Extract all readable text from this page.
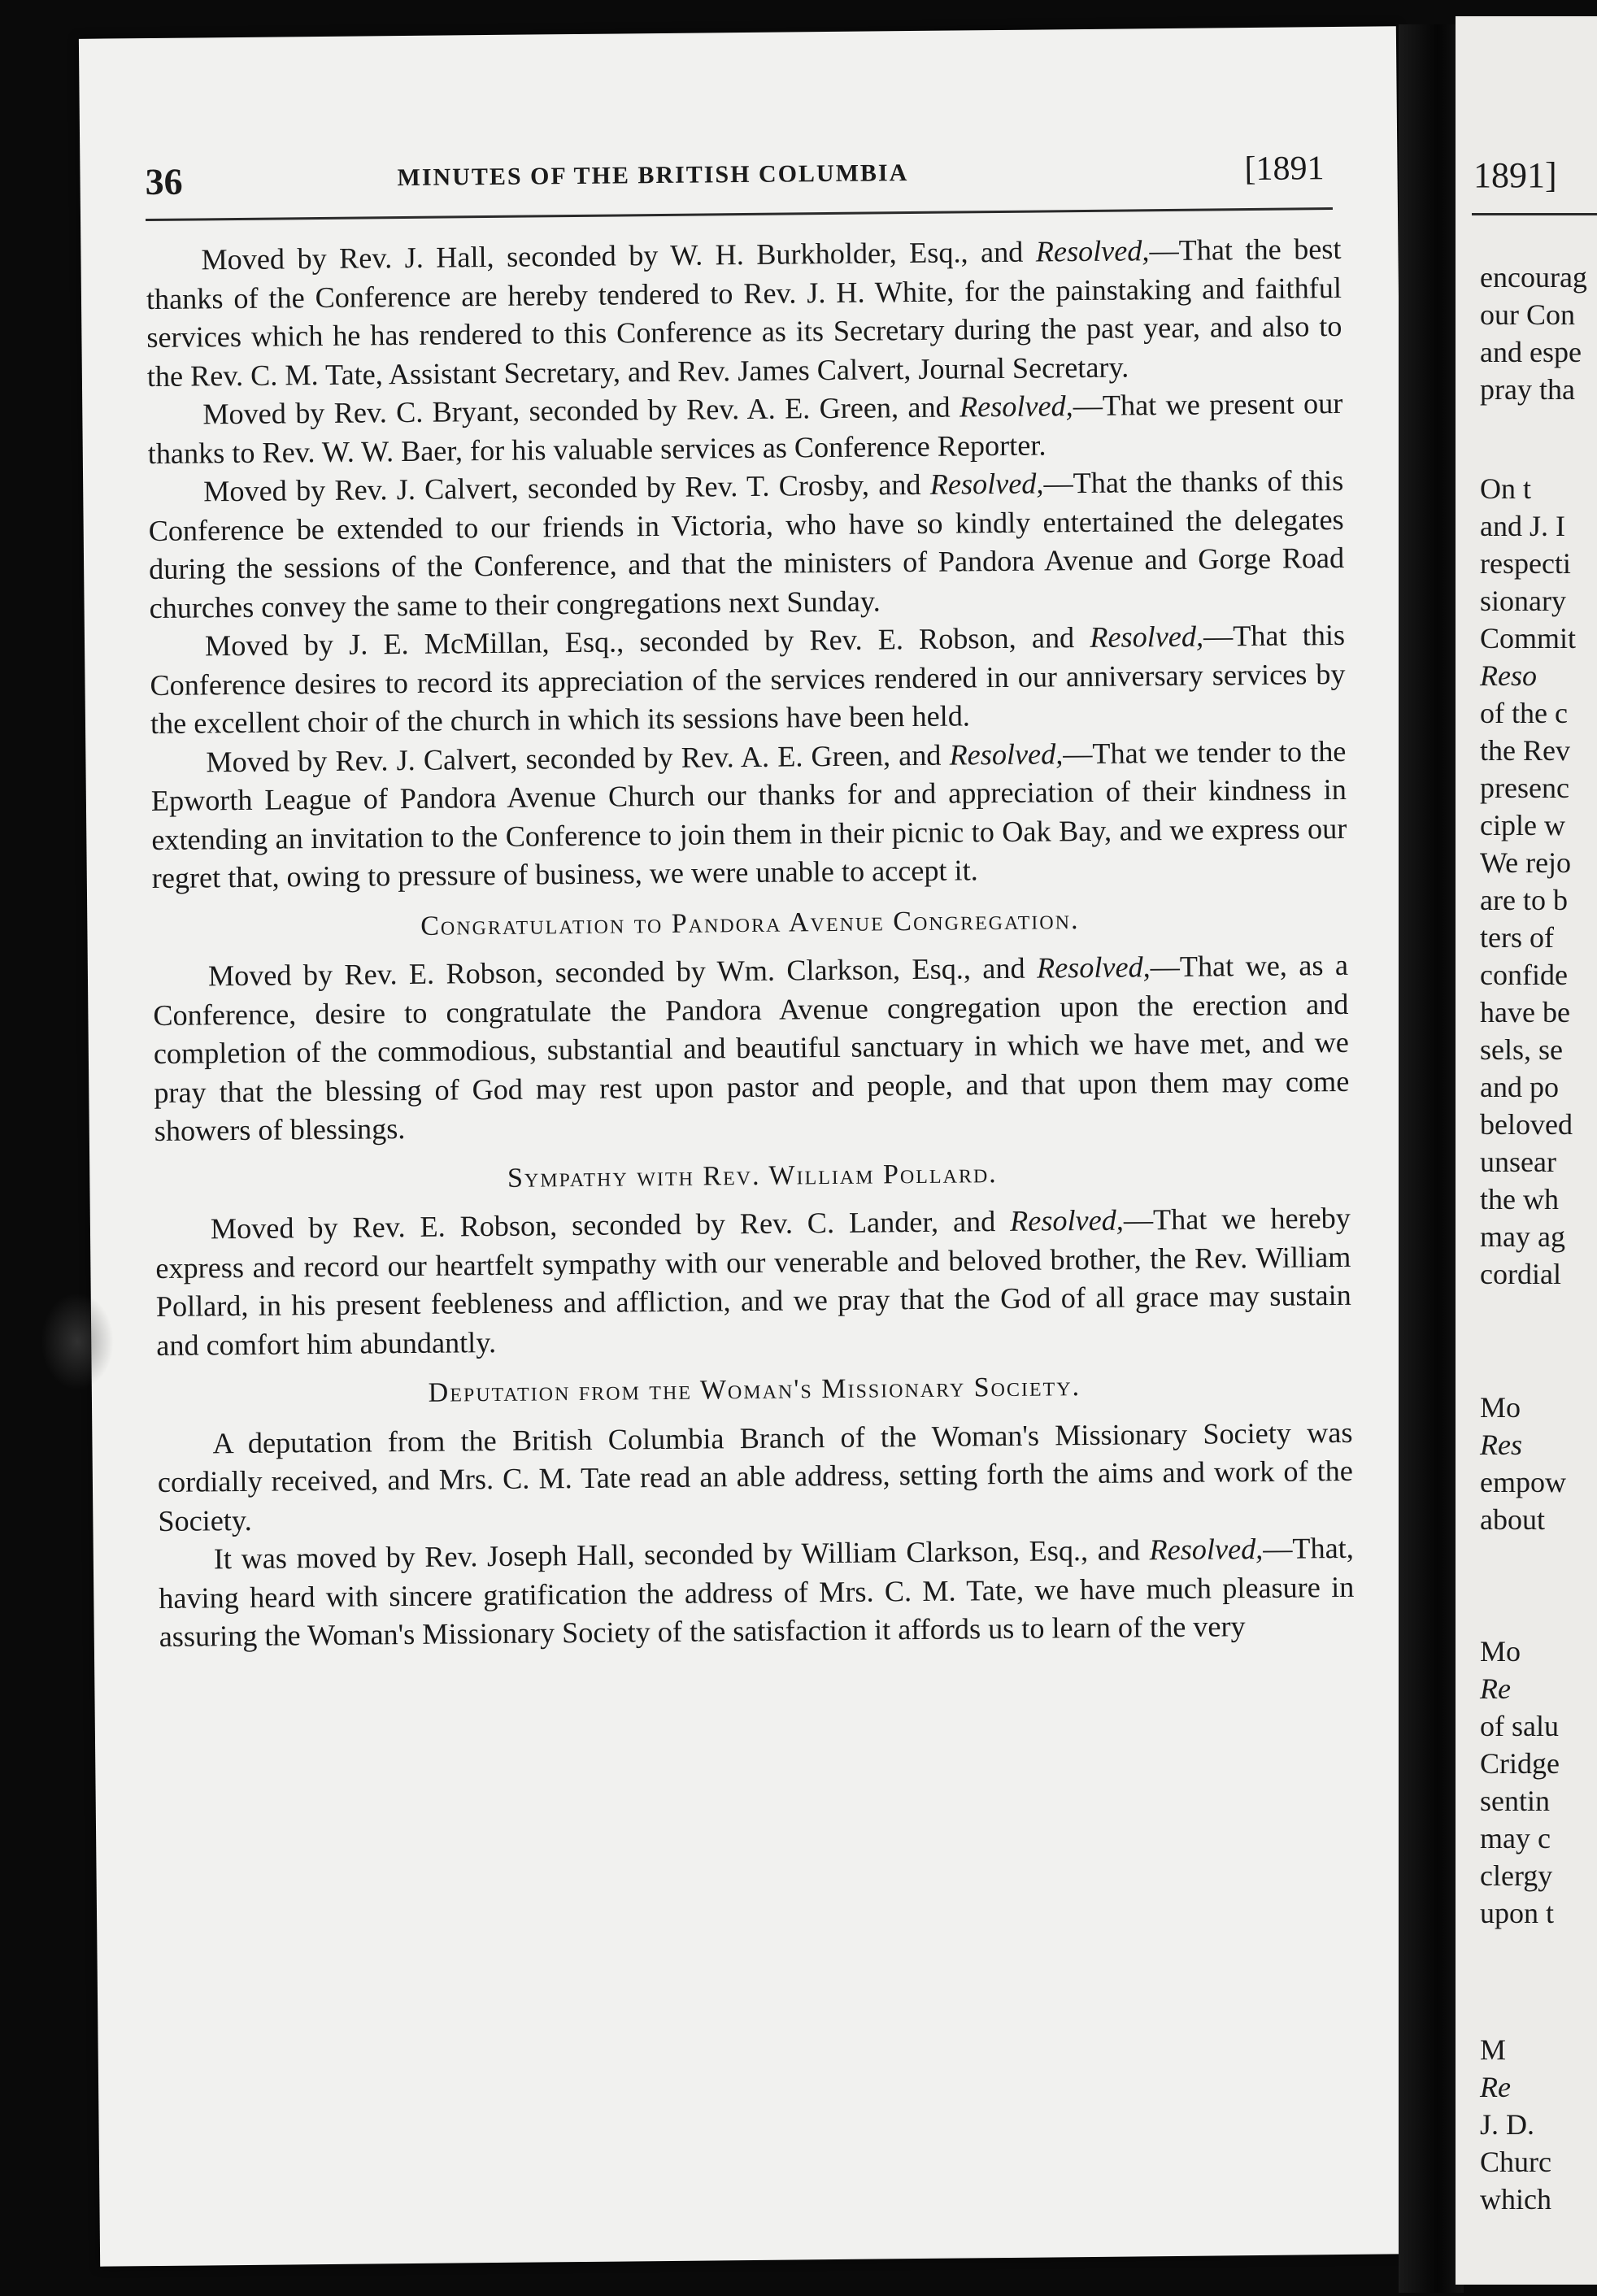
36	MINUTES OF THE BRITISH COLUMBIA	[1891

Moved by Rev. J. Hall, seconded by W. H. Burkholder, Esq., and Resolved,—That the best thanks of the Conference are hereby tendered to Rev. J. H. White, for the painstaking and faithful services which he has rendered to this Conference as its Secretary during the past year, and also to the Rev. C. M. Tate, Assistant Secretary, and Rev. James Calvert, Journal Secretary.

Moved by Rev. C. Bryant, seconded by Rev. A. E. Green, and Resolved,—That we present our thanks to Rev. W. W. Baer, for his valuable services as Conference Reporter.

Moved by Rev. J. Calvert, seconded by Rev. T. Crosby, and Resolved,—That the thanks of this Conference be extended to our friends in Victoria, who have so kindly entertained the delegates during the sessions of the Conference, and that the ministers of Pandora Avenue and Gorge Road churches convey the same to their congregations next Sunday.

Moved by J. E. McMillan, Esq., seconded by Rev. E. Robson, and Resolved,—That this Conference desires to record its appreciation of the services rendered in our anniversary services by the excellent choir of the church in which its sessions have been held.

Moved by Rev. J. Calvert, seconded by Rev. A. E. Green, and Resolved,—That we tender to the Epworth League of Pandora Avenue Church our thanks for and appreciation of their kindness in extending an invitation to the Conference to join them in their picnic to Oak Bay, and we express our regret that, owing to pressure of business, we were unable to accept it.

Congratulation to Pandora Avenue Congregation.

Moved by Rev. E. Robson, seconded by Wm. Clarkson, Esq., and Resolved,—That we, as a Conference, desire to congratulate the Pandora Avenue congregation upon the erection and completion of the commodious, substantial and beautiful sanctuary in which we have met, and we pray that the blessing of God may rest upon pastor and people, and that upon them may come showers of blessings.

Sympathy with Rev. William Pollard.

Moved by Rev. E. Robson, seconded by Rev. C. Lander, and Resolved,—That we hereby express and record our heartfelt sympathy with our venerable and beloved brother, the Rev. William Pollard, in his present feebleness and affliction, and we pray that the God of all grace may sustain and comfort him abundantly.

Deputation from the Woman's Missionary Society.

A deputation from the British Columbia Branch of the Woman's Missionary Society was cordially received, and Mrs. C. M. Tate read an able address, setting forth the aims and work of the Society.

It was moved by Rev. Joseph Hall, seconded by William Clarkson, Esq., and Resolved,—That, having heard with sincere gratification the address of Mrs. C. M. Tate, we have much pleasure in assuring the Woman's Missionary Society of the satisfaction it affords us to learn of the very

1891]
encourag
our Con
and espe
pray tha
On t
and J. I
respecti
sionary
Commit
Reso
of the c
the Rev
presenc
ciple w
We rejo
are to b
ters of
confide
have be
sels, se
and po
beloved
unsear
the wh
may ag
cordial
Mo
Res
empow
about
Mo
Re
of salu
Cridge
sentin
may c
clergy
upon t
M
Re
J. D.
Churc
which
